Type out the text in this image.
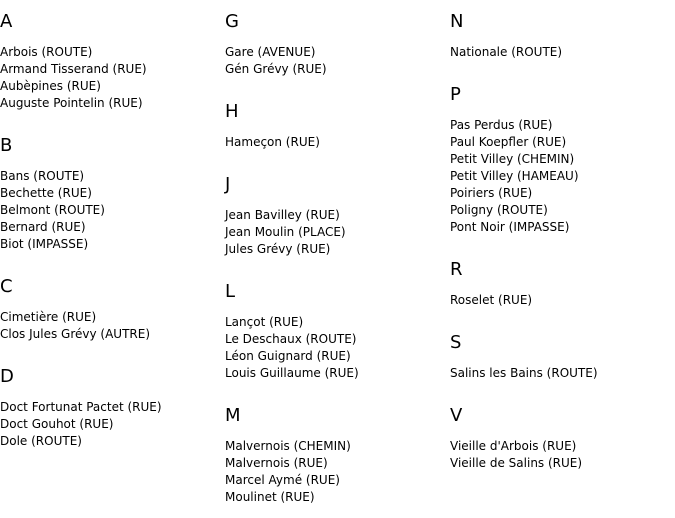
A
Arbois (ROUTE)
Armand Tisserand (RUE)
Aubèpines (RUE)
Auguste Pointelin (RUE)
B
Bans (ROUTE)
Bechette (RUE)
Belmont (ROUTE)
Bernard (RUE)
Biot (IMPASSE)
C
Cimetière (RUE)
Clos Jules Grévy (AUTRE)
D
Doct Fortunat Pactet (RUE)
Doct Gouhot (RUE)
Dole (ROUTE)
G
Gare (AVENUE)
Gén Grévy (RUE)
H
Hameçon (RUE)
J
Jean Bavilley (RUE)
Jean Moulin (PLACE)
Jules Grévy (RUE)
L
Lançot (RUE)
Le Deschaux (ROUTE)
Léon Guignard (RUE)
Louis Guillaume (RUE)
M
Malvernois (CHEMIN)
Malvernois (RUE)
Marcel Aymé (RUE)
Moulinet (RUE)
N
Nationale (ROUTE)
P
Pas Perdus (RUE)
Paul Koepfler (RUE)
Petit Villey (CHEMIN)
Petit Villey (HAMEAU)
Poiriers (RUE)
Poligny (ROUTE)
Pont Noir (IMPASSE)
R
Roselet (RUE)
S
Salins les Bains (ROUTE)
V
Vieille d'Arbois (RUE)
Vieille de Salins (RUE)
